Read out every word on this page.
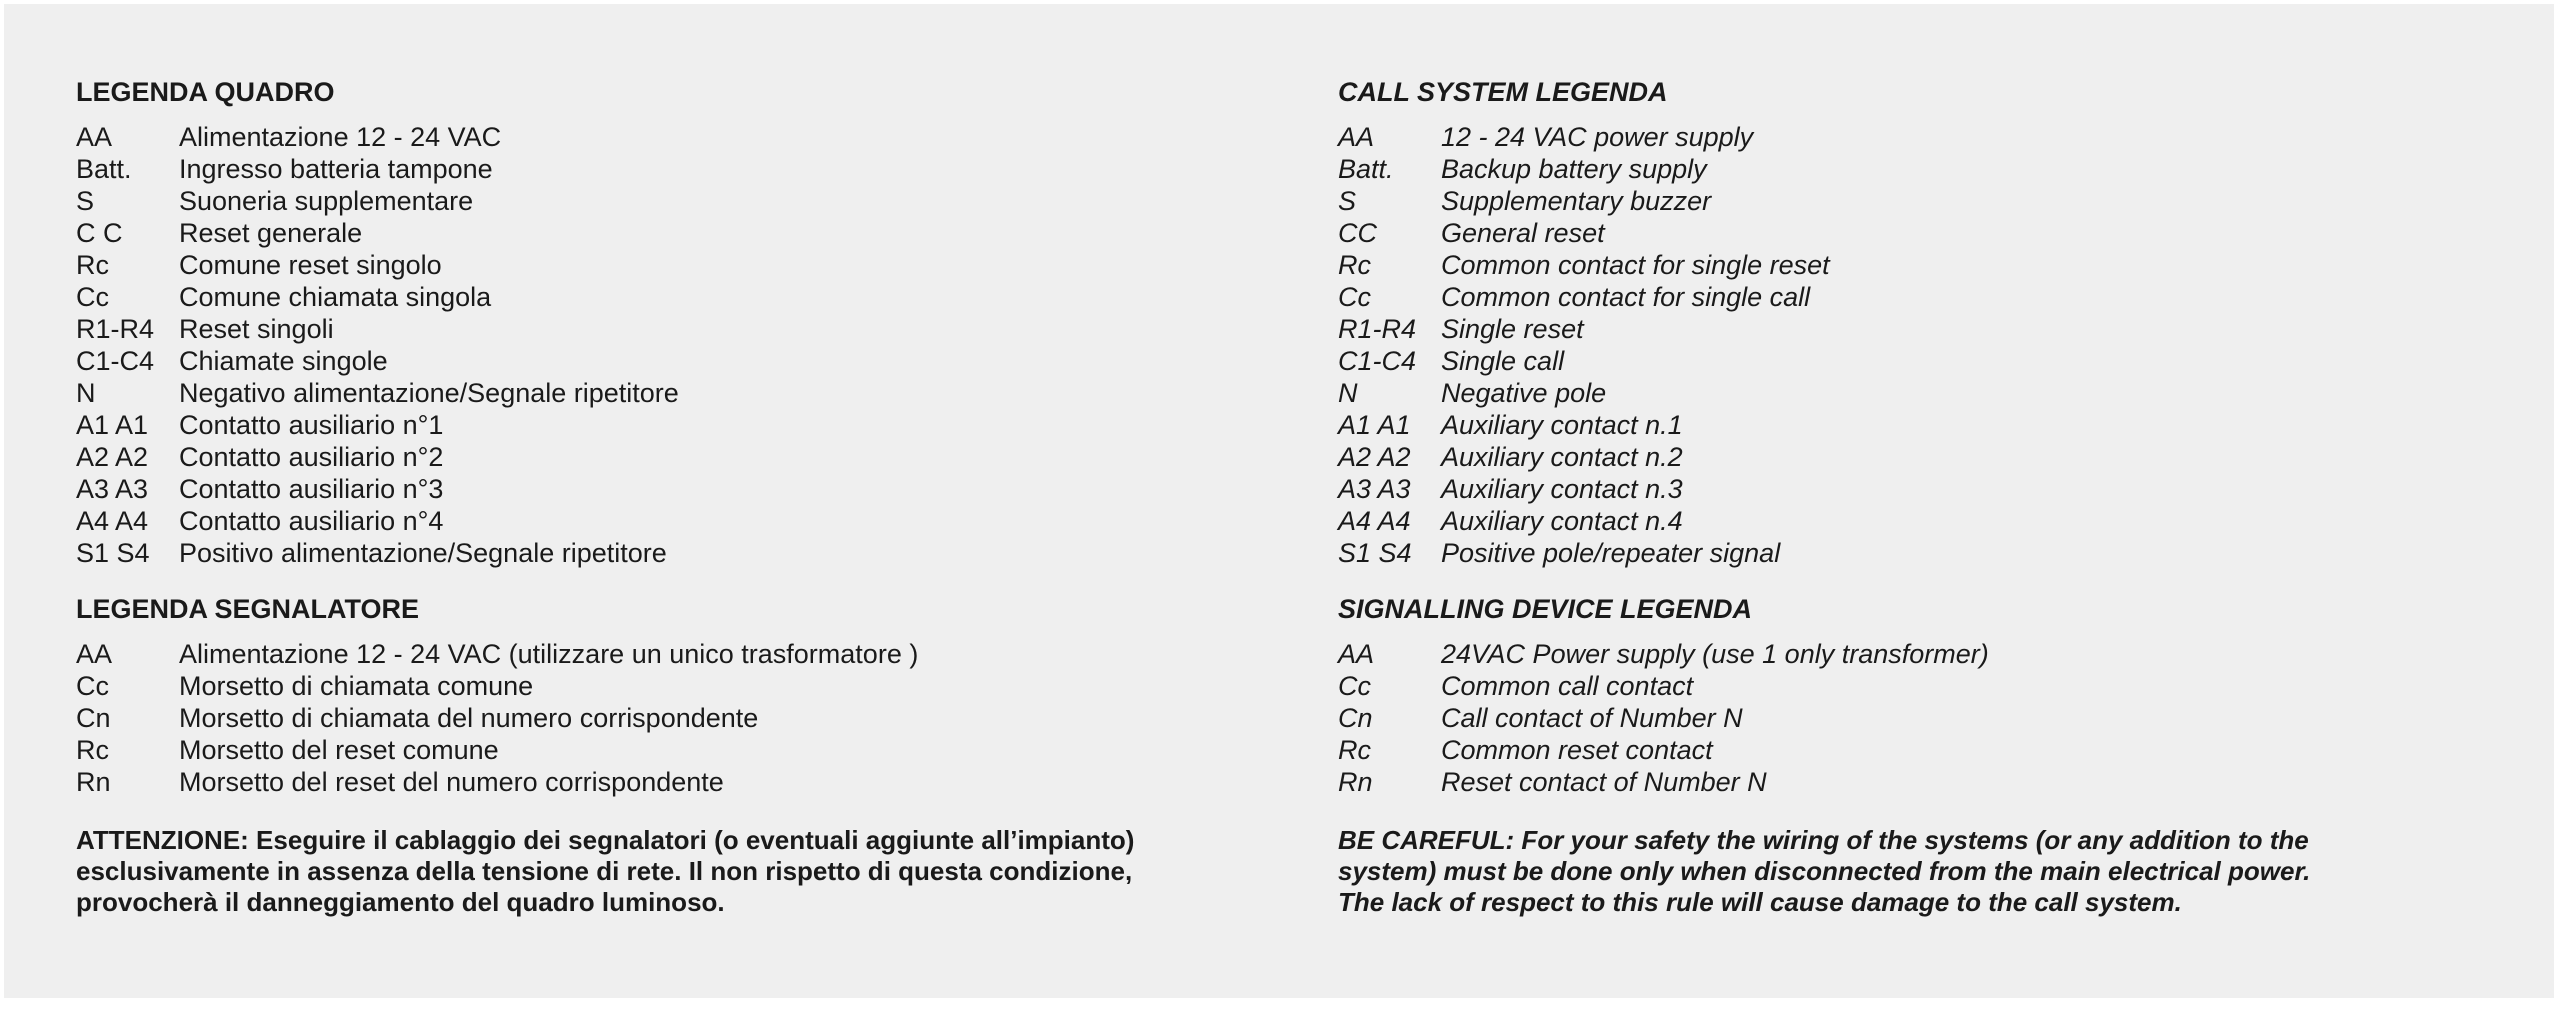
LEGENDA QUADRO
AA Alimentazione 12 - 24 VAC
Batt. Ingresso batteria tampone
S	Suoneria supplementare
C C Reset generale
Rc	Comune reset singolo
Cc	Comune chiamata singola
R1-R4 Reset singoli
C1-C4 Chiamate singole
N	Negativo alimentazione/Segnale ripetitore
A1 A1 Contatto ausiliario n°1
A2 A2 Contatto ausiliario n°2
A3 A3 Contatto ausiliario n°3
A4 A4 Contatto ausiliario n°4
S1 S4 Positivo alimentazione/Segnale ripetitore
LEGENDA SEGNALATORE
AA Alimentazione 12 - 24 VAC (utilizzare un unico trasformatore )
Cc	Morsetto di chiamata comune
Cn	Morsetto di chiamata del numero corrispondente
Rc	Morsetto del reset comune
Rn	Morsetto del reset del numero corrispondente
ATTENZIONE: Eseguire il cablaggio dei segnalatori (o eventuali aggiunte all’impianto)
esclusivamente in assenza della tensione di rete. Il non rispetto di questa condizione,
provocherà il danneggiamento del quadro luminoso.
CALL SYSTEM LEGENDA
AA 12 - 24 VAC power supply
Batt. Backup battery supply
S	Supplementary buzzer
CC General reset
Rc	Common contact for single reset
Cc	Common contact for single call
R1-R4 Single reset
C1-C4 Single call
N	Negative pole
A1 A1 Auxiliary contact n.1
A2 A2 Auxiliary contact n.2
A3 A3 Auxiliary contact n.3
A4 A4 Auxiliary contact n.4
S1 S4 Positive pole/repeater signal
SIGNALLING DEVICE LEGENDA
AA 24VAC Power supply (use 1 only transformer)
Cc	Common call contact
Cn	Call contact of Number N
Rc	Common reset contact
Rn	Reset contact of Number N
BE CAREFUL: For your safety the wiring of the systems (or any addition to the
system) must be done only when disconnected from the main electrical power.
The lack of respect to this rule will cause damage to the call system.
